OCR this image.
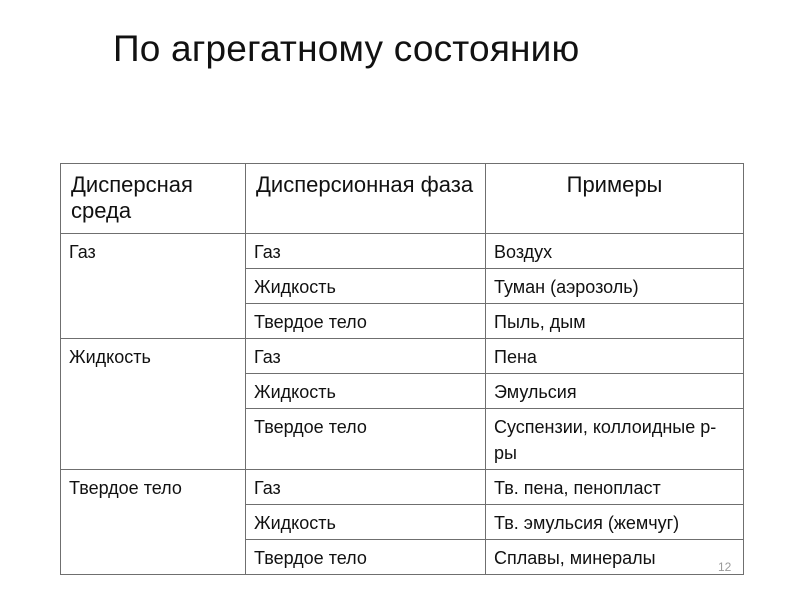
По агрегатному состоянию
Дисперсная среда	Дисперсионная фаза	Примеры
Газ	Газ	Воздух
	Жидкость	Туман (аэрозоль)
	Твердое тело	Пыль, дым
Жидкость	Газ	Пена
	Жидкость	Эмульсия
	Твердое тело	Суспензии, коллоидные р-ры
Твердое тело	Газ	Тв. пена, пенопласт
	Жидкость	Тв. эмульсия (жемчуг)
	Твердое тело	Сплавы, минералы	12
